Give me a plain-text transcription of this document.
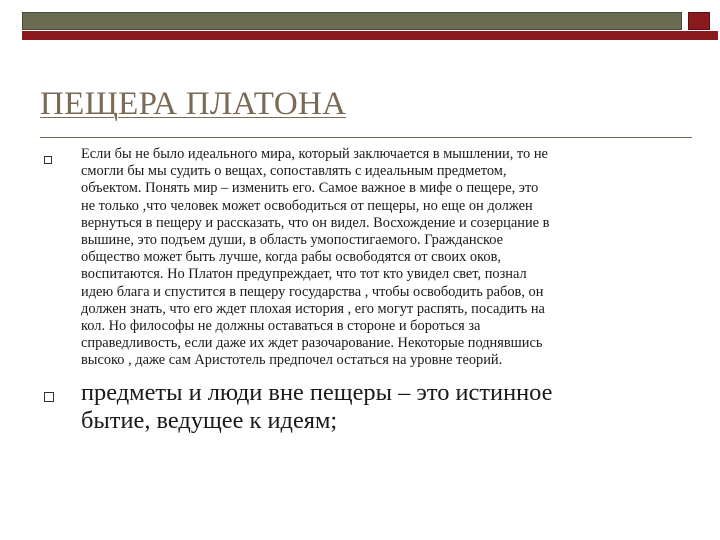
ПЕЩЕРА ПЛАТОНА

Если бы не было идеального мира, который заключается в мышлении, то не
смогли бы мы судить о вещах, сопоставлять с идеальным предметом,
объектом. Понять мир – изменить его. Самое важное в мифе о пещере, это
не только ,что человек может освободиться от пещеры, но еще он должен
вернуться в пещеру и рассказать, что он видел. Восхождение и созерцание в
вышине, это подъем души, в область умопостигаемого. Гражданское
общество может быть лучше, когда рабы освободятся от своих оков,
воспитаются. Но Платон предупреждает, что тот кто увидел свет, познал
идею блага и спустится в пещеру государства , чтобы освободить рабов, он
должен знать, что его ждет плохая история , его могут распять, посадить на
кол. Но философы не должны оставаться в стороне и бороться за
справедливость, если даже их ждет разочарование. Некоторые поднявшись
высоко , даже сам Аристотель предпочел остаться на уровне теорий.

предметы и люди вне пещеры – это истинное
бытие, ведущее к идеям;
